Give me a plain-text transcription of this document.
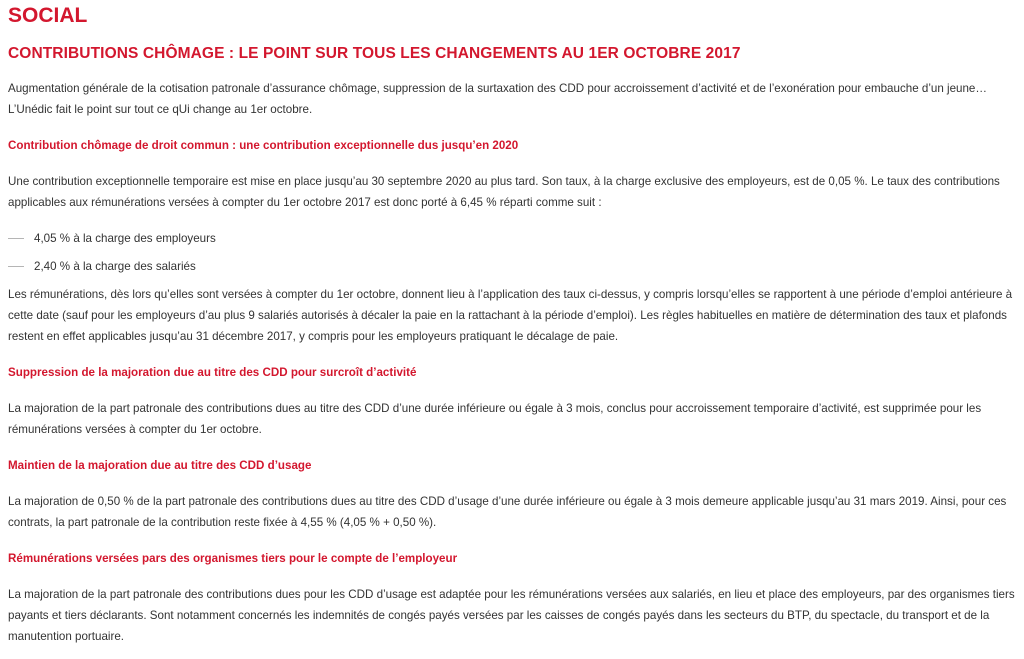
SOCIAL
CONTRIBUTIONS CHÔMAGE : LE POINT SUR TOUS LES CHANGEMENTS AU 1ER OCTOBRE 2017

Augmentation générale de la cotisation patronale d’assurance chômage, suppression de la surtaxation des CDD pour accroissement d’activité et de l’exonération pour embauche d’un jeune… L’Unédic fait le point sur tout ce qUi change au 1er octobre.

Contribution chômage de droit commun : une contribution exceptionnelle dus jusqu’en 2020

Une contribution exceptionnelle temporaire est mise en place jusqu’au 30 septembre 2020 au plus tard. Son taux, à la charge exclusive des employeurs, est de 0,05 %. Le taux des contributions applicables aux rémunérations versées à compter du 1er octobre 2017 est donc porté à 6,45 % réparti comme suit :

4,05 % à la charge des employeurs
2,40 % à la charge des salariés

Les rémunérations, dès lors qu’elles sont versées à compter du 1er octobre, donnent lieu à l’application des taux ci-dessus, y compris lorsqu’elles se rapportent à une période d’emploi antérieure à cette date (sauf pour les employeurs d’au plus 9 salariés autorisés à décaler la paie en la rattachant à la période d’emploi). Les règles habituelles en matière de détermination des taux et plafonds restent en effet applicables jusqu’au 31 décembre 2017, y compris pour les employeurs pratiquant le décalage de paie.

Suppression de la majoration due au titre des CDD pour surcroît d’activité

La majoration de la part patronale des contributions dues au titre des CDD d’une durée inférieure ou égale à 3 mois, conclus pour accroissement temporaire d’activité, est supprimée pour les rémunérations versées à compter du 1er octobre.

Maintien de la majoration due au titre des CDD d’usage

La majoration de 0,50 % de la part patronale des contributions dues au titre des CDD d’usage d’une durée inférieure ou égale à 3 mois demeure applicable jusqu’au 31 mars 2019. Ainsi, pour ces contrats, la part patronale de la contribution reste fixée à 4,55 % (4,05 % + 0,50 %).

Rémunérations versées pars des organismes tiers pour le compte de l’employeur

La majoration de la part patronale des contributions dues pour les CDD d’usage est adaptée pour les rémunérations versées aux salariés, en lieu et place des employeurs, par des organismes tiers payants et tiers déclarants. Sont notamment concernés les indemnités de congés payés versées par les caisses de congés payés dans les secteurs du BTP, du spectacle, du transport et de la manutention portuaire.
